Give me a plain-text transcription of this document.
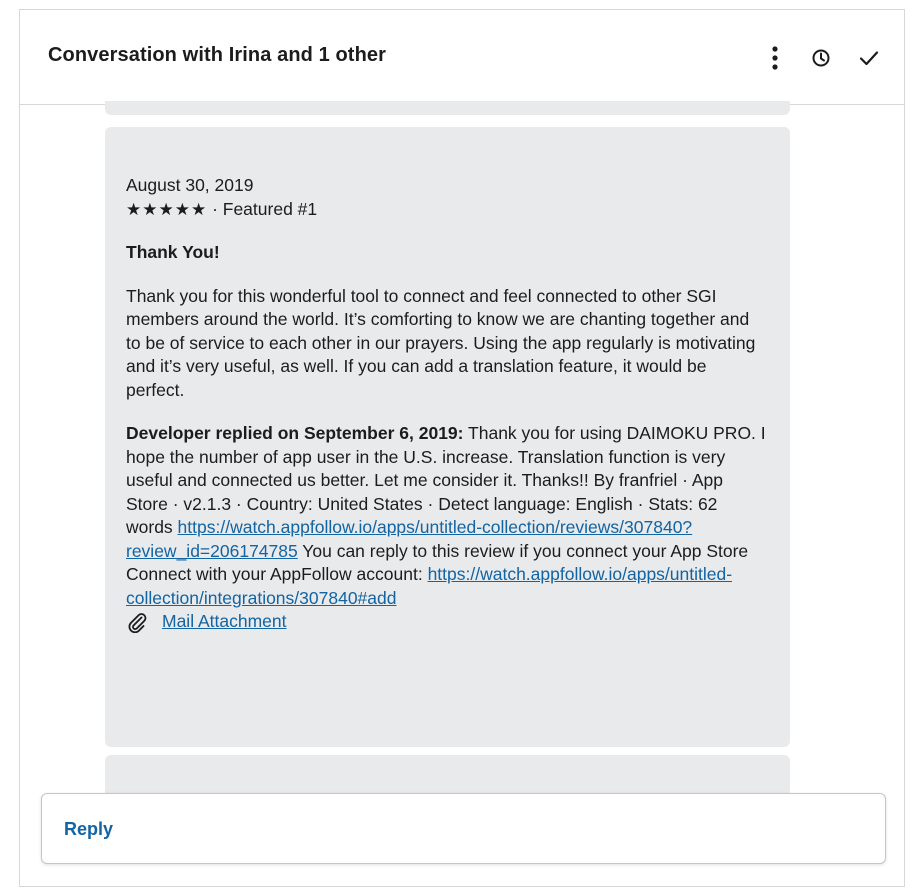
Conversation with Irina and 1 other
August 30, 2019
★★★★★ · Featured #1
Thank You!
Thank you for this wonderful tool to connect and feel connected to other SGI members around the world. It’s comforting to know we are chanting together and to be of service to each other in our prayers. Using the app regularly is motivating and it’s very useful, as well. If you can add a translation feature, it would be perfect.
Developer replied on September 6, 2019: Thank you for using DAIMOKU PRO. I hope the number of app user in the U.S. increase. Translation function is very useful and connected us better. Let me consider it. Thanks!! By franfriel · App Store · v2.1.3 · Country: United States · Detect language: English · Stats: 62 words https://watch.appfollow.io/apps/untitled-collection/reviews/307840?review_id=206174785 You can reply to this review if you connect your App Store Connect with your AppFollow account: https://watch.appfollow.io/apps/untitled-collection/integrations/307840#add
Mail Attachment
Reply
